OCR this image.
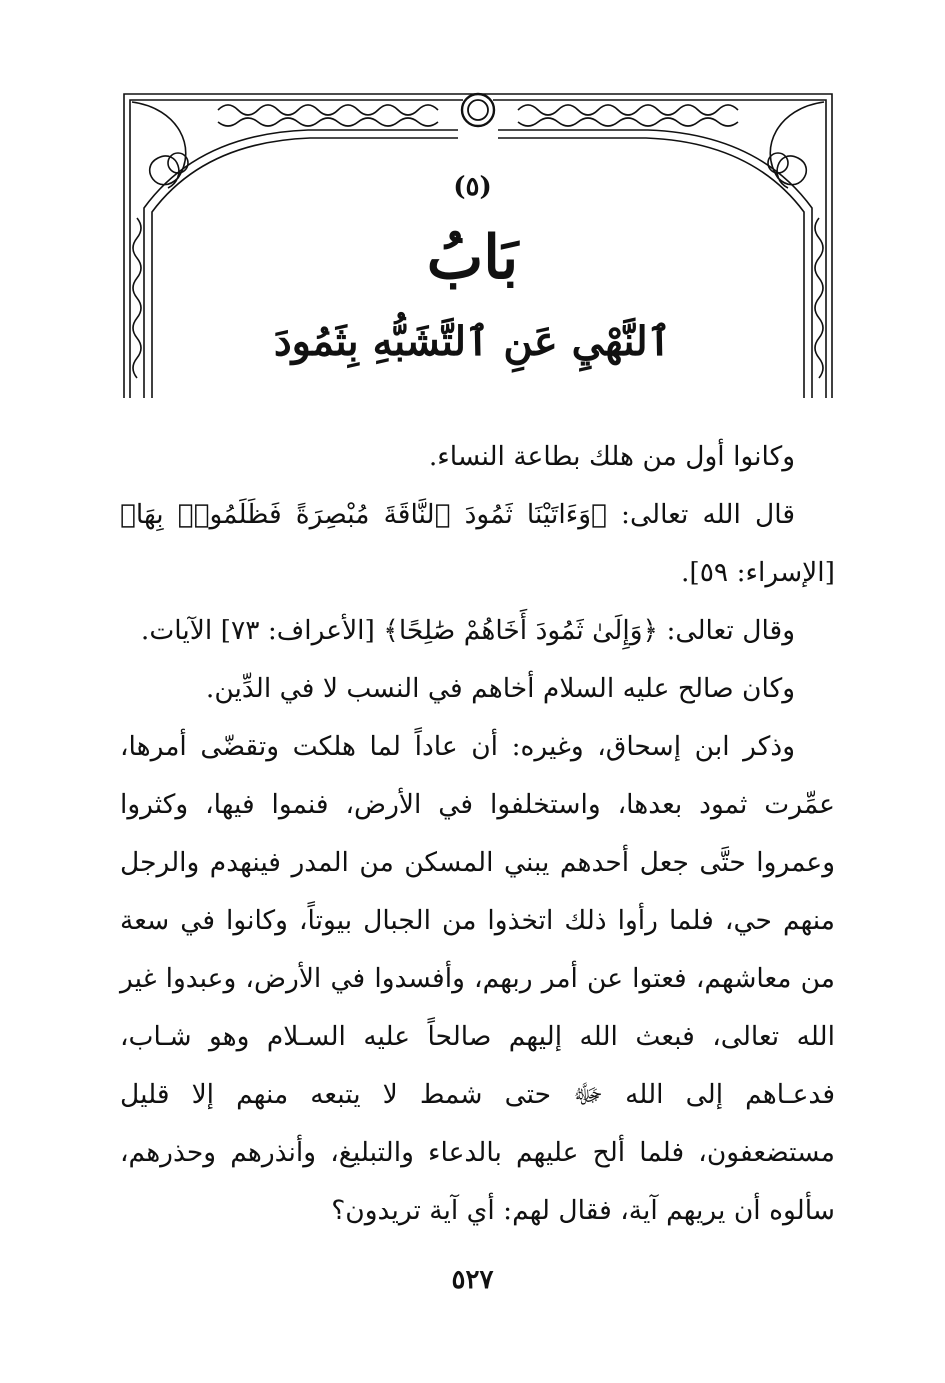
(٥)
بَابُ
ٱلنَّهْيِ عَنِ ٱلتَّشَبُّهِ بِثَمُودَ

وكانوا أول من هلك بطاعة النساء.

قال الله تعالى: ﴿وَءَاتَيْنَا ثَمُودَ ٱلنَّاقَةَ مُبْصِرَةً فَظَلَمُوا۟ بِهَا﴾ [الإسراء: ٥٩].

وقال تعالى: ﴿وَإِلَىٰ ثَمُودَ أَخَاهُمْ صَٰلِحًا﴾ [الأعراف: ٧٣] الآيات.

وكان صالح عليه السلام أخاهم في النسب لا في الدِّين.

وذكر ابن إسحاق، وغيره: أن عاداً لما هلكت وتقضّى أمرها، عمِّرت ثمود بعدها، واستخلفوا في الأرض، فنموا فيها، وكثروا وعمروا حتَّى جعل أحدهم يبني المسكن من المدر فينهدم والرجل منهم حي، فلما رأوا ذلك اتخذوا من الجبال بيوتاً، وكانوا في سعة من معاشهم، فعتوا عن أمر ربهم، وأفسدوا في الأرض، وعبدوا غير الله تعالى، فبعث الله إليهم صالحاً عليه السـلام وهو شـاب، فدعـاهم إلى الله ﷻ حتى شمط لا يتبعه منهم إلا قليل مستضعفون، فلما ألح عليهم بالدعاء والتبليغ، وأنذرهم وحذرهم، سألوه أن يريهم آية، فقال لهم: أي آية تريدون؟

٥٢٧
